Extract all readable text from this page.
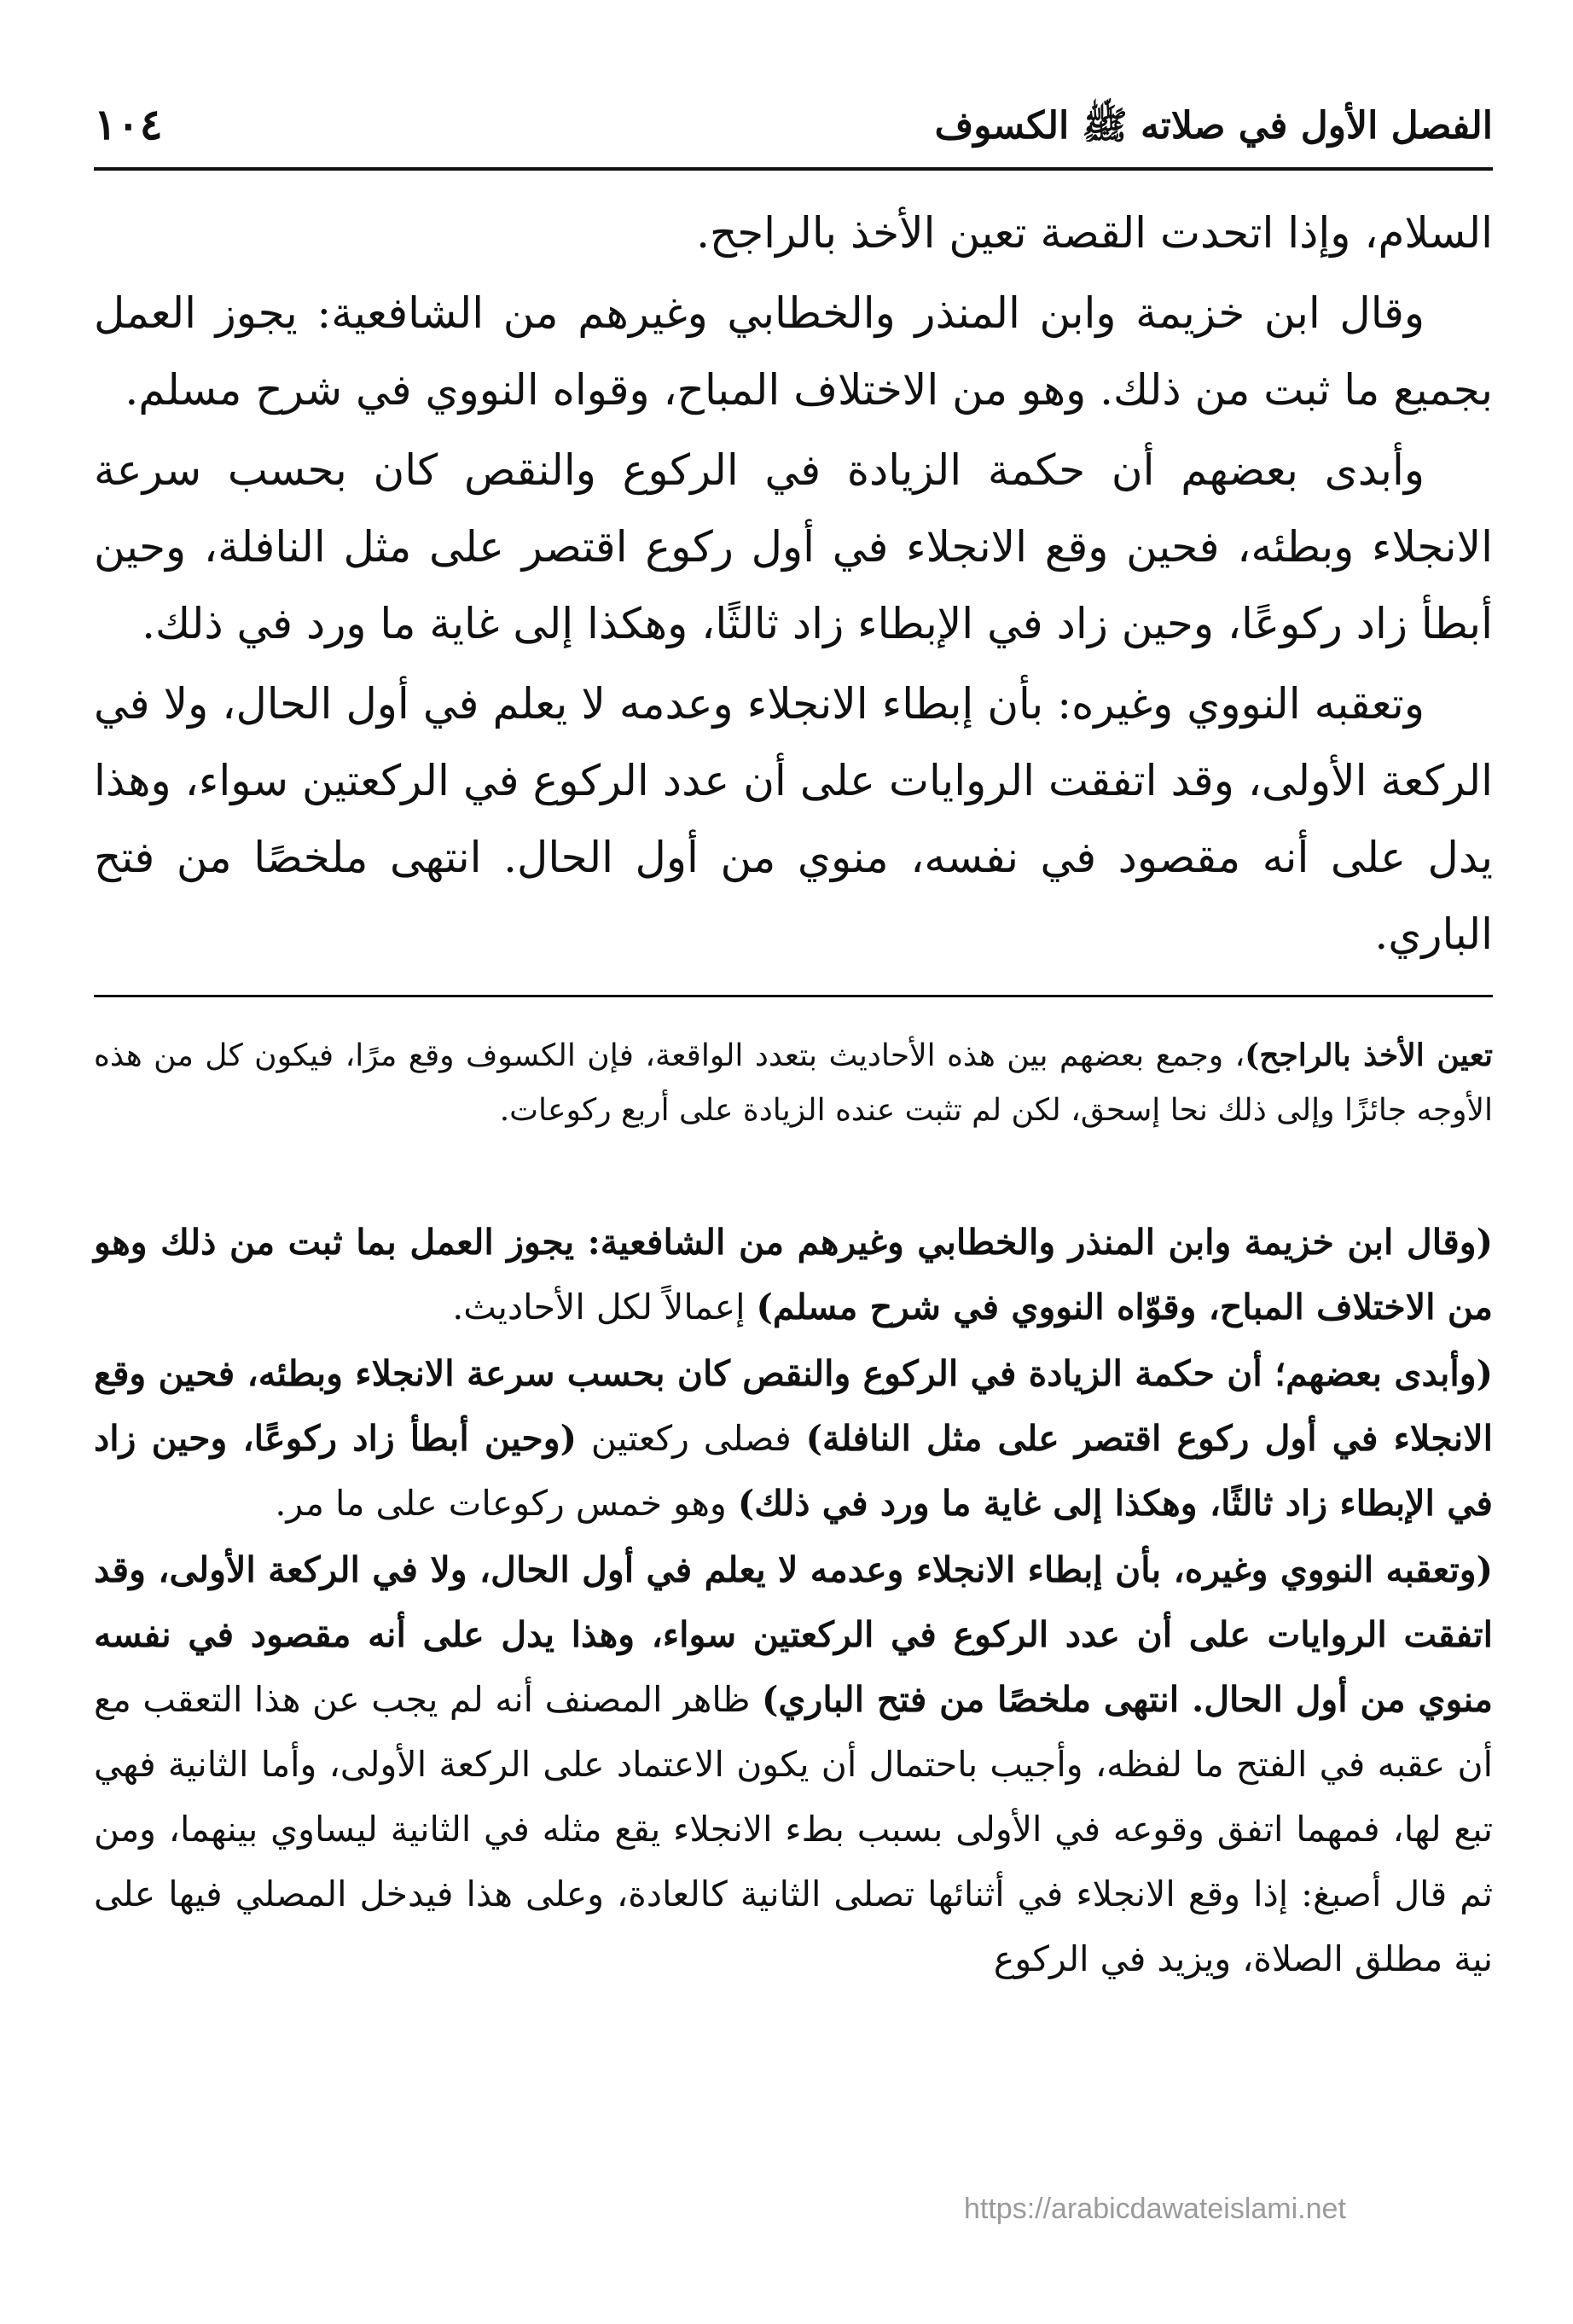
الفصل الأول في صلاته ﷺ الكسوف
١٠٤

السلام، وإذا اتحدت القصة تعين الأخذ بالراجح.

وقال ابن خزيمة وابن المنذر والخطابي وغيرهم من الشافعية: يجوز العمل بجميع ما ثبت من ذلك. وهو من الاختلاف المباح، وقواه النووي في شرح مسلم.

وأبدى بعضهم أن حكمة الزيادة في الركوع والنقص كان بحسب سرعة الانجلاء وبطئه، فحين وقع الانجلاء في أول ركوع اقتصر على مثل النافلة، وحين أبطأ زاد ركوعًا، وحين زاد في الإبطاء زاد ثالثًا، وهكذا إلى غاية ما ورد في ذلك.

وتعقبه النووي وغيره: بأن إبطاء الانجلاء وعدمه لا يعلم في أول الحال، ولا في الركعة الأولى، وقد اتفقت الروايات على أن عدد الركوع في الركعتين سواء، وهذا يدل على أنه مقصود في نفسه، منوي من أول الحال. انتهى ملخصًا من فتح الباري.

تعين الأخذ بالراجح)، وجمع بعضهم بين هذه الأحاديث بتعدد الواقعة، فإن الكسوف وقع مرًا، فيكون كل من هذه الأوجه جائزًا وإلى ذلك نحا إسحق، لكن لم تثبت عنده الزيادة على أربع ركوعات.

(وقال ابن خزيمة وابن المنذر والخطابي وغيرهم من الشافعية: يجوز العمل بما ثبت من ذلك وهو من الاختلاف المباح، وقوّاه النووي في شرح مسلم) إعمالاً لكل الأحاديث.

(وأبدى بعضهم؛ أن حكمة الزيادة في الركوع والنقص كان بحسب سرعة الانجلاء وبطئه، فحين وقع الانجلاء في أول ركوع اقتصر على مثل النافلة) فصلى ركعتين (وحين أبطأ زاد ركوعًا، وحين زاد في الإبطاء زاد ثالثًا، وهكذا إلى غاية ما ورد في ذلك) وهو خمس ركوعات على ما مر.

(وتعقبه النووي وغيره، بأن إبطاء الانجلاء وعدمه لا يعلم في أول الحال، ولا في الركعة الأولى، وقد اتفقت الروايات على أن عدد الركوع في الركعتين سواء، وهذا يدل على أنه مقصود في نفسه منوي من أول الحال. انتهى ملخصًا من فتح الباري) ظاهر المصنف أنه لم يجب عن هذا التعقب مع أن عقبه في الفتح ما لفظه، وأجيب باحتمال أن يكون الاعتماد على الركعة الأولى، وأما الثانية فهي تبع لها، فمهما اتفق وقوعه في الأولى بسبب بطء الانجلاء يقع مثله في الثانية ليساوي بينهما، ومن ثم قال أصبغ: إذا وقع الانجلاء في أثنائها تصلى الثانية كالعادة، وعلى هذا فيدخل المصلي فيها على نية مطلق الصلاة، ويزيد في الركوع

https://arabicdawateislami.net
